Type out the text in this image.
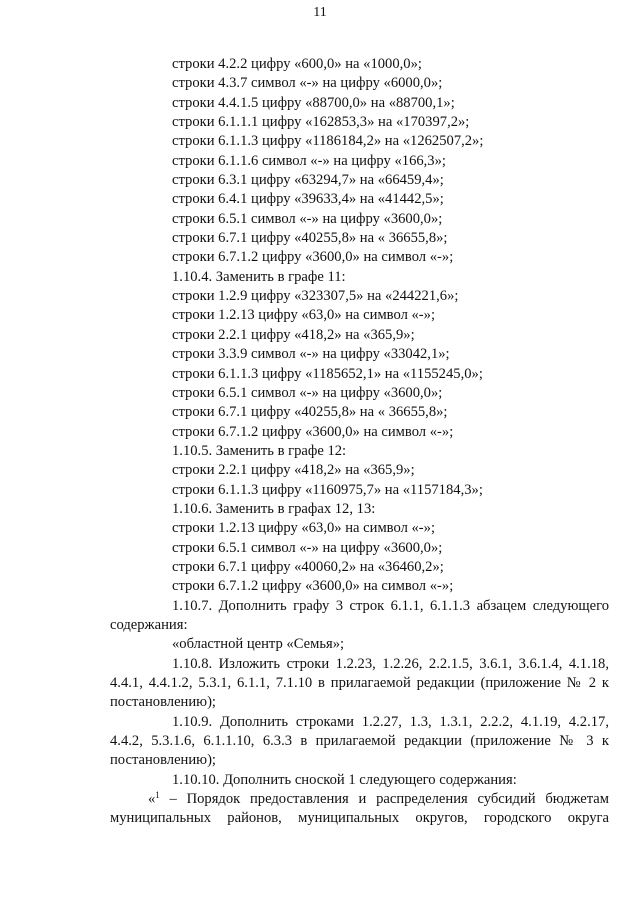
11
строки 4.2.2 цифру «600,0» на «1000,0»;
строки 4.3.7 символ «-» на цифру «6000,0»;
строки 4.4.1.5 цифру «88700,0» на «88700,1»;
строки 6.1.1.1 цифру «162853,3» на «170397,2»;
строки 6.1.1.3 цифру «1186184,2» на «1262507,2»;
строки 6.1.1.6 символ «-» на цифру «166,3»;
строки 6.3.1 цифру «63294,7» на «66459,4»;
строки 6.4.1 цифру «39633,4» на «41442,5»;
строки 6.5.1 символ «-» на цифру «3600,0»;
строки 6.7.1 цифру «40255,8» на « 36655,8»;
строки 6.7.1.2 цифру «3600,0» на символ «-»;
1.10.4. Заменить в графе 11:
строки 1.2.9 цифру «323307,5» на «244221,6»;
строки 1.2.13 цифру «63,0» на символ «-»;
строки 2.2.1 цифру «418,2» на «365,9»;
строки 3.3.9 символ «-» на цифру «33042,1»;
строки 6.1.1.3 цифру «1185652,1» на «1155245,0»;
строки 6.5.1 символ «-» на цифру «3600,0»;
строки 6.7.1 цифру «40255,8» на « 36655,8»;
строки 6.7.1.2 цифру «3600,0» на символ «-»;
1.10.5. Заменить в графе 12:
строки 2.2.1 цифру «418,2» на «365,9»;
строки 6.1.1.3 цифру «1160975,7» на «1157184,3»;
1.10.6. Заменить в графах 12, 13:
строки 1.2.13 цифру «63,0» на символ «-»;
строки 6.5.1 символ «-» на цифру «3600,0»;
строки 6.7.1 цифру «40060,2» на «36460,2»;
строки 6.7.1.2 цифру «3600,0» на символ «-»;
1.10.7. Дополнить графу 3 строк 6.1.1, 6.1.1.3 абзацем следующего содержания:
«областной центр «Семья»;
1.10.8. Изложить строки 1.2.23, 1.2.26, 2.2.1.5, 3.6.1, 3.6.1.4, 4.1.18, 4.4.1, 4.4.1.2, 5.3.1, 6.1.1, 7.1.10 в прилагаемой редакции (приложение № 2 к постановлению);
1.10.9. Дополнить строками 1.2.27, 1.3, 1.3.1, 2.2.2, 4.1.19, 4.2.17, 4.4.2, 5.3.1.6, 6.1.1.10, 6.3.3 в прилагаемой редакции (приложение № 3 к постановлению);
1.10.10. Дополнить сноской 1 следующего содержания:
«$^1$ – Порядок предоставления и распределения субсидий бюджетам
муниципальных районов, муниципальных округов, городского округа
